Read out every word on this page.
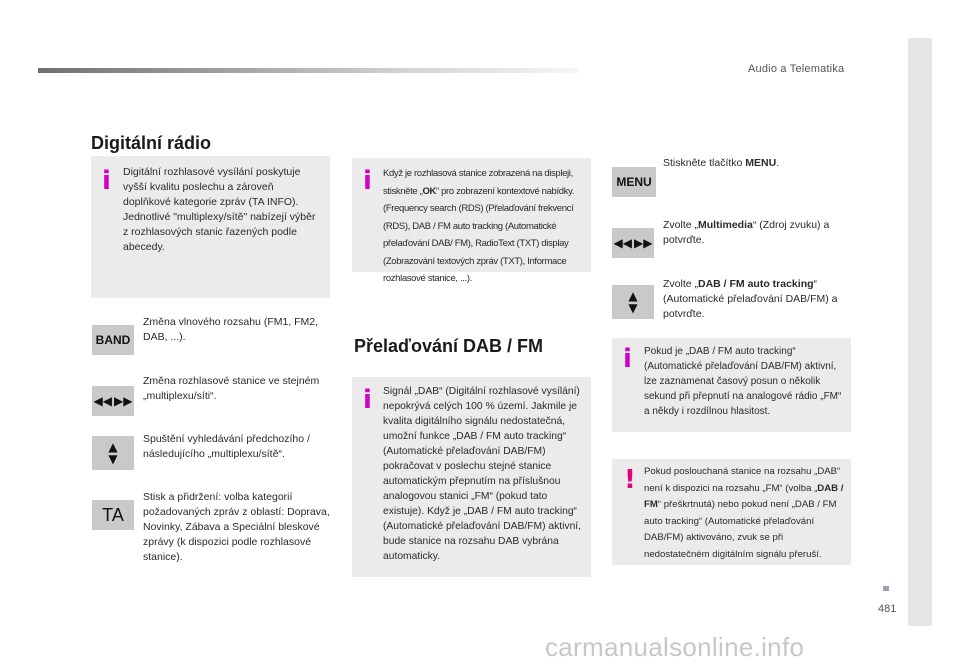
Audio a Telematika
481
carmanualsonline.info
Digitální rádio
i Digitální rozhlasové vysílání poskytuje vyšší kvalitu poslechu a zároveň doplňkové kategorie zpráv (TA INFO). Jednotlivé "multiplexy/sítě" nabízejí výběr z rozhlasových stanic řazených podle abecedy.
BAND
Změna vlnového rozsahu (FM1, FM2, DAB, ...).
◀◀ ▶▶
Změna rozhlasové stanice ve stejném „multiplexu/síti“.
▲
▼
Spuštění vyhledávání předchozího / následujícího „multiplexu/sítě“.
TA
Stisk a přidržení: volba kategorií požadovaných zpráv z oblastí: Doprava, Novinky, Zábava a Speciální bleskové zprávy (k dispozici podle rozhlasové stanice).
i Když je rozhlasová stanice zobrazená na displeji, stiskněte „OK“ pro zobrazení kontextové nabídky. (Frequency search (RDS) (Přelaďování frekvencí (RDS), DAB / FM auto tracking (Automatické přelaďování DAB/ FM), RadioText (TXT) display (Zobrazování textových zpráv (TXT), Informace rozhlasové stanice, ...).
Přelaďování DAB / FM
i Signál „DAB“ (Digitální rozhlasové vysílání) nepokrývá celých 100 % území. Jakmile je kvalita digitálního signálu nedostatečná, umožní funkce „DAB / FM auto tracking“ (Automatické přelaďování DAB/FM) pokračovat v poslechu stejné stanice automatickým přepnutím na příslušnou analogovou stanici „FM“ (pokud tato existuje). Když je „DAB / FM auto tracking“ (Automatické přelaďování DAB/FM) aktivní, bude stanice na rozsahu DAB vybrána automaticky.
MENU
Stiskněte tlačítko MENU.
◀◀ ▶▶
Zvolte „Multimedia“ (Zdroj zvuku) a potvrďte.
▲
▼
Zvolte „DAB / FM auto tracking“ (Automatické přelaďování DAB/FM) a potvrďte.
i Pokud je „DAB / FM auto tracking“ (Automatické přelaďování DAB/FM) aktivní, lze zaznamenat časový posun o několik sekund při přepnutí na analogové rádio „FM“ a někdy i rozdílnou hlasitost.
! Pokud poslouchaná stanice na rozsahu „DAB“ není k dispozici na rozsahu „FM“ (volba „DAB / FM“ přeškrtnutá) nebo pokud není „DAB / FM auto tracking“ (Automatické přelaďování DAB/FM) aktivováno, zvuk se při nedostatečném digitálním signálu přeruší.
